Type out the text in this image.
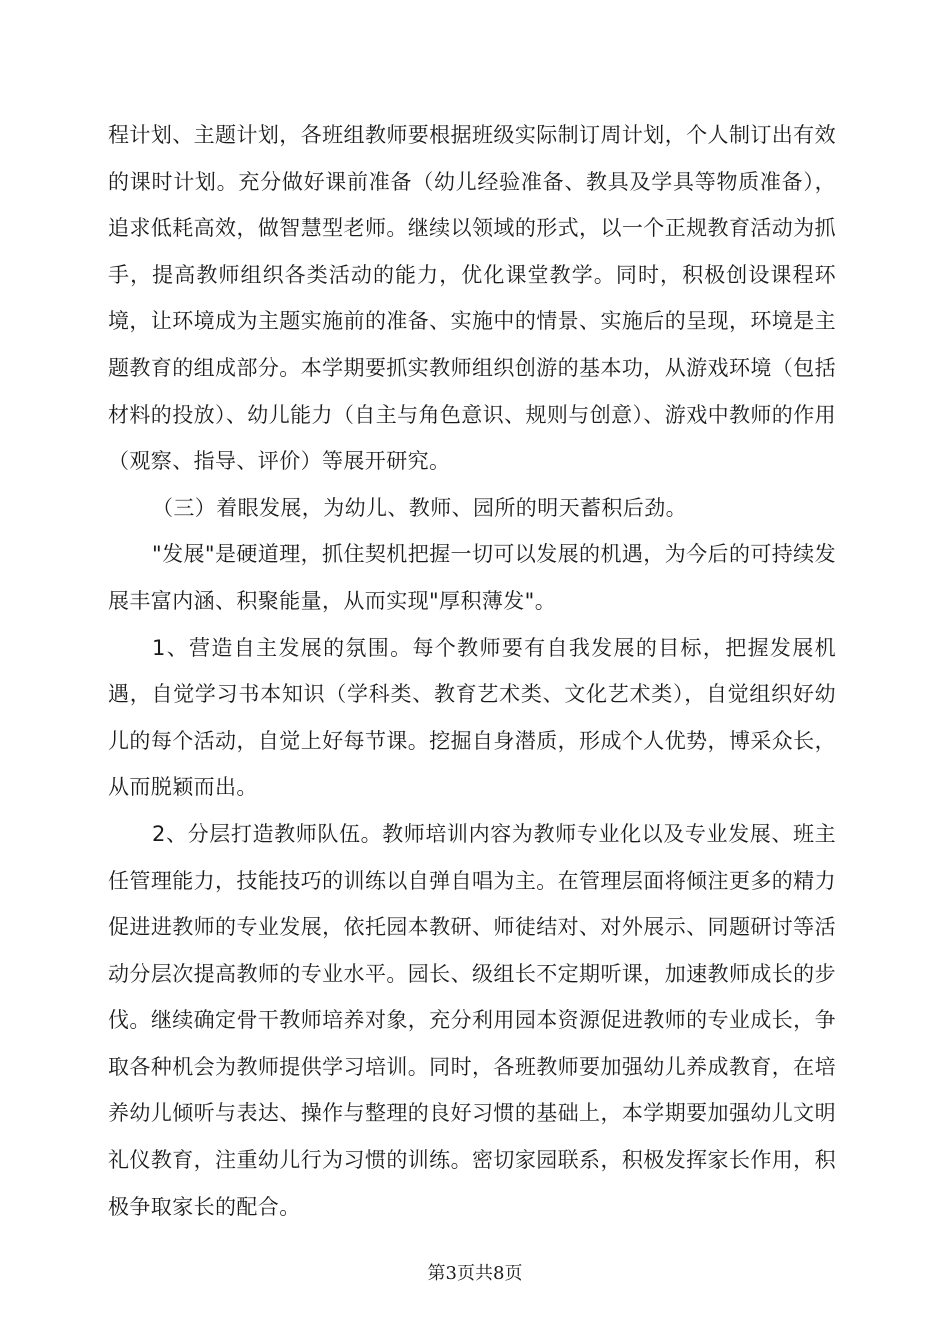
程计划、主题计划，各班组教师要根据班级实际制订周计划，个人制订出有效的课时计划。充分做好课前准备（幼儿经验准备、教具及学具等物质准备），追求低耗高效，做智慧型老师。继续以领域的形式，以一个正规教育活动为抓手，提高教师组织各类活动的能力，优化课堂教学。同时，积极创设课程环境，让环境成为主题实施前的准备、实施中的情景、实施后的呈现，环境是主题教育的组成部分。本学期要抓实教师组织创游的基本功，从游戏环境（包括材料的投放）、幼儿能力（自主与角色意识、规则与创意）、游戏中教师的作用（观察、指导、评价）等展开研究。

（三）着眼发展，为幼儿、教师、园所的明天蓄积后劲。

"发展"是硬道理，抓住契机把握一切可以发展的机遇，为今后的可持续发展丰富内涵、积聚能量，从而实现"厚积薄发"。

1、营造自主发展的氛围。每个教师要有自我发展的目标，把握发展机遇，自觉学习书本知识（学科类、教育艺术类、文化艺术类），自觉组织好幼儿的每个活动，自觉上好每节课。挖掘自身潜质，形成个人优势，博采众长，从而脱颖而出。

2、分层打造教师队伍。教师培训内容为教师专业化以及专业发展、班主任管理能力，技能技巧的训练以自弹自唱为主。在管理层面将倾注更多的精力促进进教师的专业发展，依托园本教研、师徒结对、对外展示、同题研讨等活动分层次提高教师的专业水平。园长、级组长不定期听课，加速教师成长的步伐。继续确定骨干教师培养对象，充分利用园本资源促进教师的专业成长，争取各种机会为教师提供学习培训。同时，各班教师要加强幼儿养成教育，在培养幼儿倾听与表达、操作与整理的良好习惯的基础上，本学期要加强幼儿文明礼仪教育，注重幼儿行为习惯的训练。密切家园联系，积极发挥家长作用，积极争取家长的配合。

第3页共8页
